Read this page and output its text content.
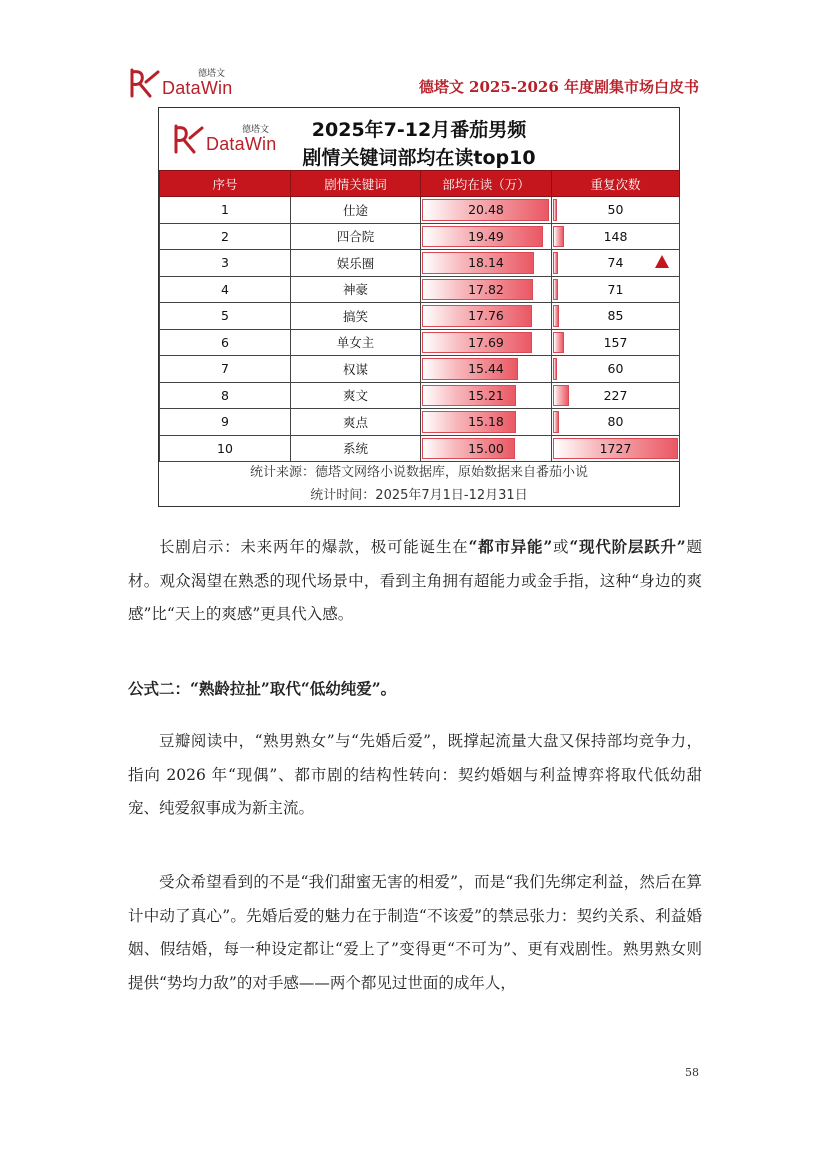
德塔文
DataWin	德塔文 2025-2026 年度剧集市场白皮书
德塔文
DataWin
2025年7-12月番茄男频
剧情关键词部均在读top10
序号	剧情关键词	部均在读（万）	重复次数
1	仕途	20.48	50
2	四合院	19.49	148
3	娱乐圈	18.14	74

4	神豪	17.82	71
5	搞笑	17.76	85
6	单女主	17.69	157
7	权谋	15.44	60
8	爽文	15.21	227
9	爽点	15.18	80
10	系统	15.00	1727
统计来源：德塔文网络小说数据库，原始数据来自番茄小说
统计时间：2025年7月1日-12月31日
长剧启示：未来两年的爆款，极可能诞生在“都市异能”或“现代阶层跃升”题材。观众渴望在熟悉的现代场景中，看到主角拥有超能力或金手指，这种“身边的爽感”比“天上的爽感”更具代入感。
公式二：“熟龄拉扯”取代“低幼纯爱”。
豆瓣阅读中，“熟男熟女”与“先婚后爱”，既撑起流量大盘又保持部均竞争力，指向 2026 年“现偶”、都市剧的结构性转向：契约婚姻与利益博弈将取代低幼甜宠、纯爱叙事成为新主流。
受众希望看到的不是“我们甜蜜无害的相爱”，而是“我们先绑定利益，然后在算计中动了真心”。先婚后爱的魅力在于制造“不该爱”的禁忌张力：契约关系、利益婚姻、假结婚，每一种设定都让“爱上了”变得更“不可为”、更有戏剧性。熟男熟女则提供“势均力敌”的对手感——两个都见过世面的成年人，
58
